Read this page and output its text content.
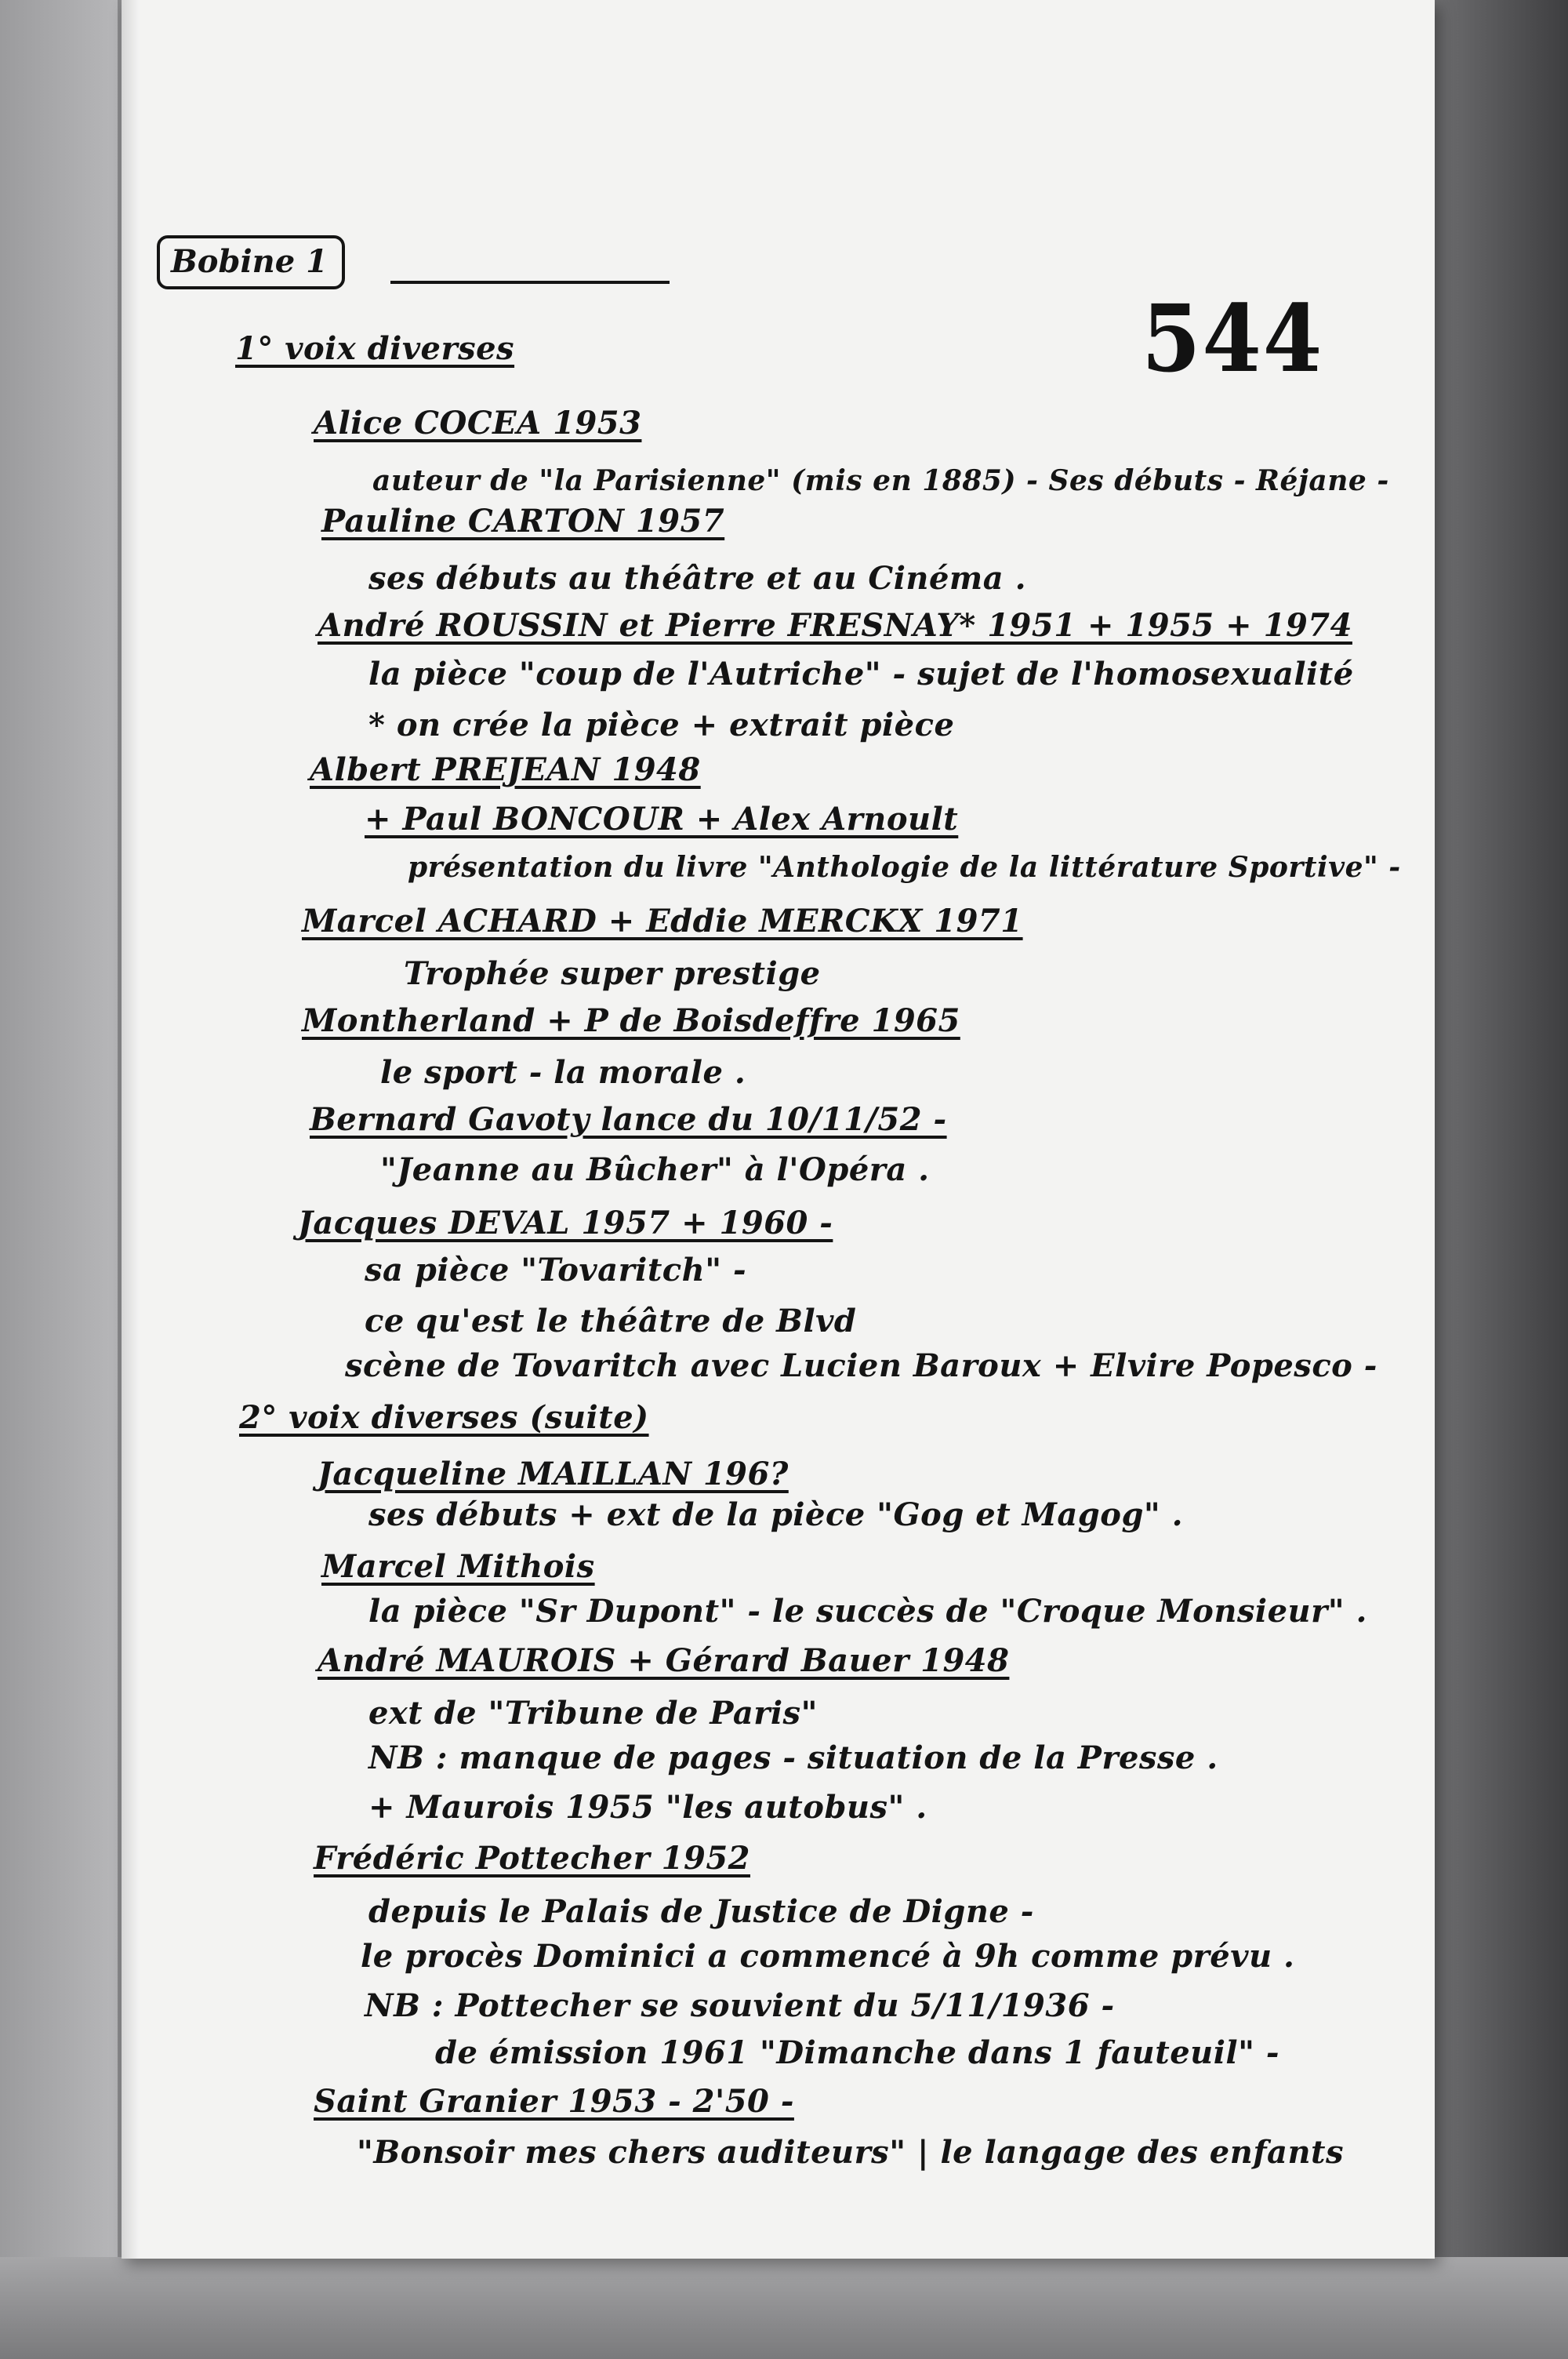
Bobine 1
544
1° voix diverses
Alice COCEA 1953
auteur de "la Parisienne" (mis en 1885) - Ses débuts - Réjane -
Pauline CARTON 1957
ses débuts au théâtre et au Cinéma .
André ROUSSIN et Pierre FRESNAY* 1951 + 1955 + 1974
la pièce "coup de l'Autriche" - sujet de l'homosexualité
* on crée la pièce + extrait pièce
Albert PREJEAN 1948
+ Paul BONCOUR + Alex Arnoult
présentation du livre "Anthologie de la littérature Sportive" -
Marcel ACHARD + Eddie MERCKX 1971
Trophée super prestige
Montherland + P de Boisdeffre 1965
le sport - la morale .
Bernard Gavoty lance du 10/11/52 -
"Jeanne au Bûcher" à l'Opéra .
Jacques DEVAL 1957 + 1960 -
sa pièce "Tovaritch" -
ce qu'est le théâtre de Blvd
scène de Tovaritch avec Lucien Baroux + Elvire Popesco -
2° voix diverses (suite)
Jacqueline MAILLAN 196?
ses débuts + ext de la pièce "Gog et Magog" .
Marcel Mithois
la pièce "Sr Dupont" - le succès de "Croque Monsieur" .
André MAUROIS + Gérard Bauer 1948
ext de "Tribune de Paris"
NB : manque de pages - situation de la Presse .
+ Maurois 1955 "les autobus" .
Frédéric Pottecher 1952
depuis le Palais de Justice de Digne -
le procès Dominici a commencé à 9h comme prévu .
NB : Pottecher se souvient du 5/11/1936 -
de émission 1961 "Dimanche dans 1 fauteuil" -
Saint Granier 1953 - 2'50 -
"Bonsoir mes chers auditeurs" | le langage des enfants
